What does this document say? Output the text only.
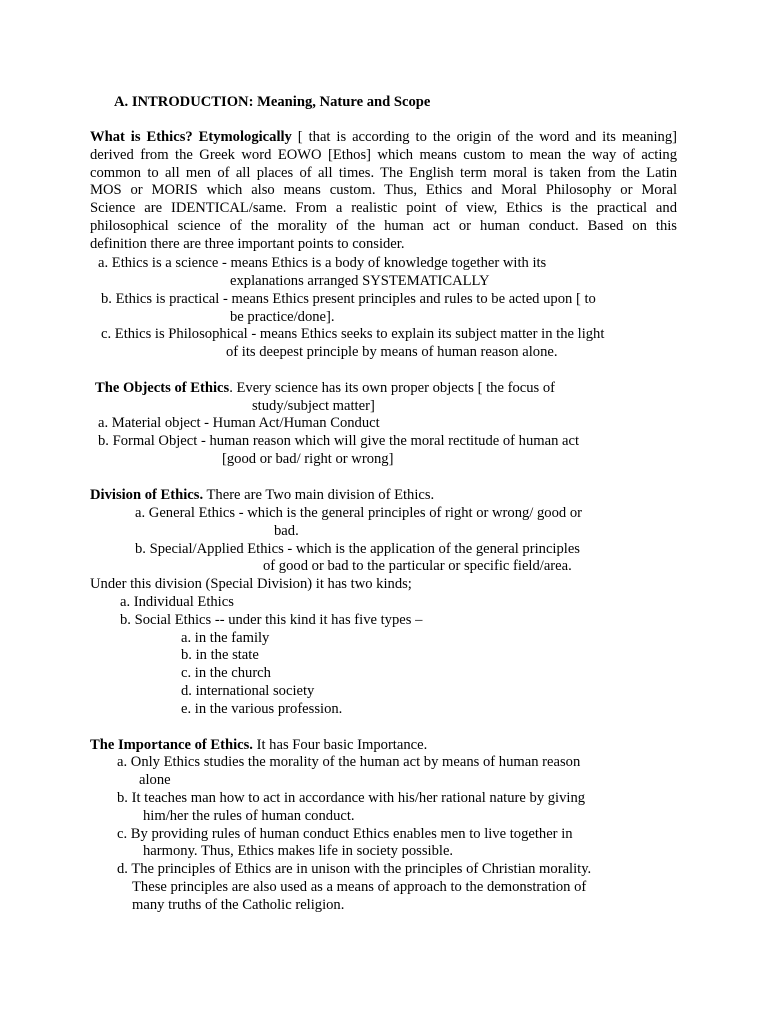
A. INTRODUCTION: Meaning, Nature and Scope
What is Ethics? Etymologically [ that is according to the origin of the word and its meaning]
derived from the Greek word EOWO [Ethos] which means custom to mean the way of acting
common to all men of all places of all times. The English term moral is taken from the Latin
MOS or MORIS which also means custom. Thus, Ethics and Moral Philosophy or Moral
Science are IDENTICAL/same. From a realistic point of view, Ethics is the practical and
philosophical science of the morality of the human act or human conduct. Based on this
definition there are three important points to consider.
a. Ethics is a science - means Ethics is a body of knowledge together with its
explanations arranged SYSTEMATICALLY
b. Ethics is practical - means Ethics present principles and rules to be acted upon [ to
be practice/done].
c. Ethics is Philosophical - means Ethics seeks to explain its subject matter in the light
of its deepest principle by means of human reason alone.
The Objects of Ethics. Every science has its own proper objects [ the focus of
study/subject matter]
a. Material object - Human Act/Human Conduct
b. Formal Object - human reason which will give the moral rectitude of human act
[good or bad/ right or wrong]
Division of Ethics. There are Two main division of Ethics.
a. General Ethics - which is the general principles of right or wrong/ good or
bad.
b. Special/Applied Ethics - which is the application of the general principles
of good or bad to the particular or specific field/area.
Under this division (Special Division) it has two kinds;
a. Individual Ethics
b. Social Ethics -- under this kind it has five types –
a. in the family
b. in the state
c. in the church
d. international society
e. in the various profession.
The Importance of Ethics. It has Four basic Importance.
a. Only Ethics studies the morality of the human act by means of human reason
alone
b. It teaches man how to act in accordance with his/her rational nature by giving
him/her the rules of human conduct.
c. By providing rules of human conduct Ethics enables men to live together in
harmony. Thus, Ethics makes life in society possible.
d. The principles of Ethics are in unison with the principles of Christian morality.
These principles are also used as a means of approach to the demonstration of
many truths of the Catholic religion.
